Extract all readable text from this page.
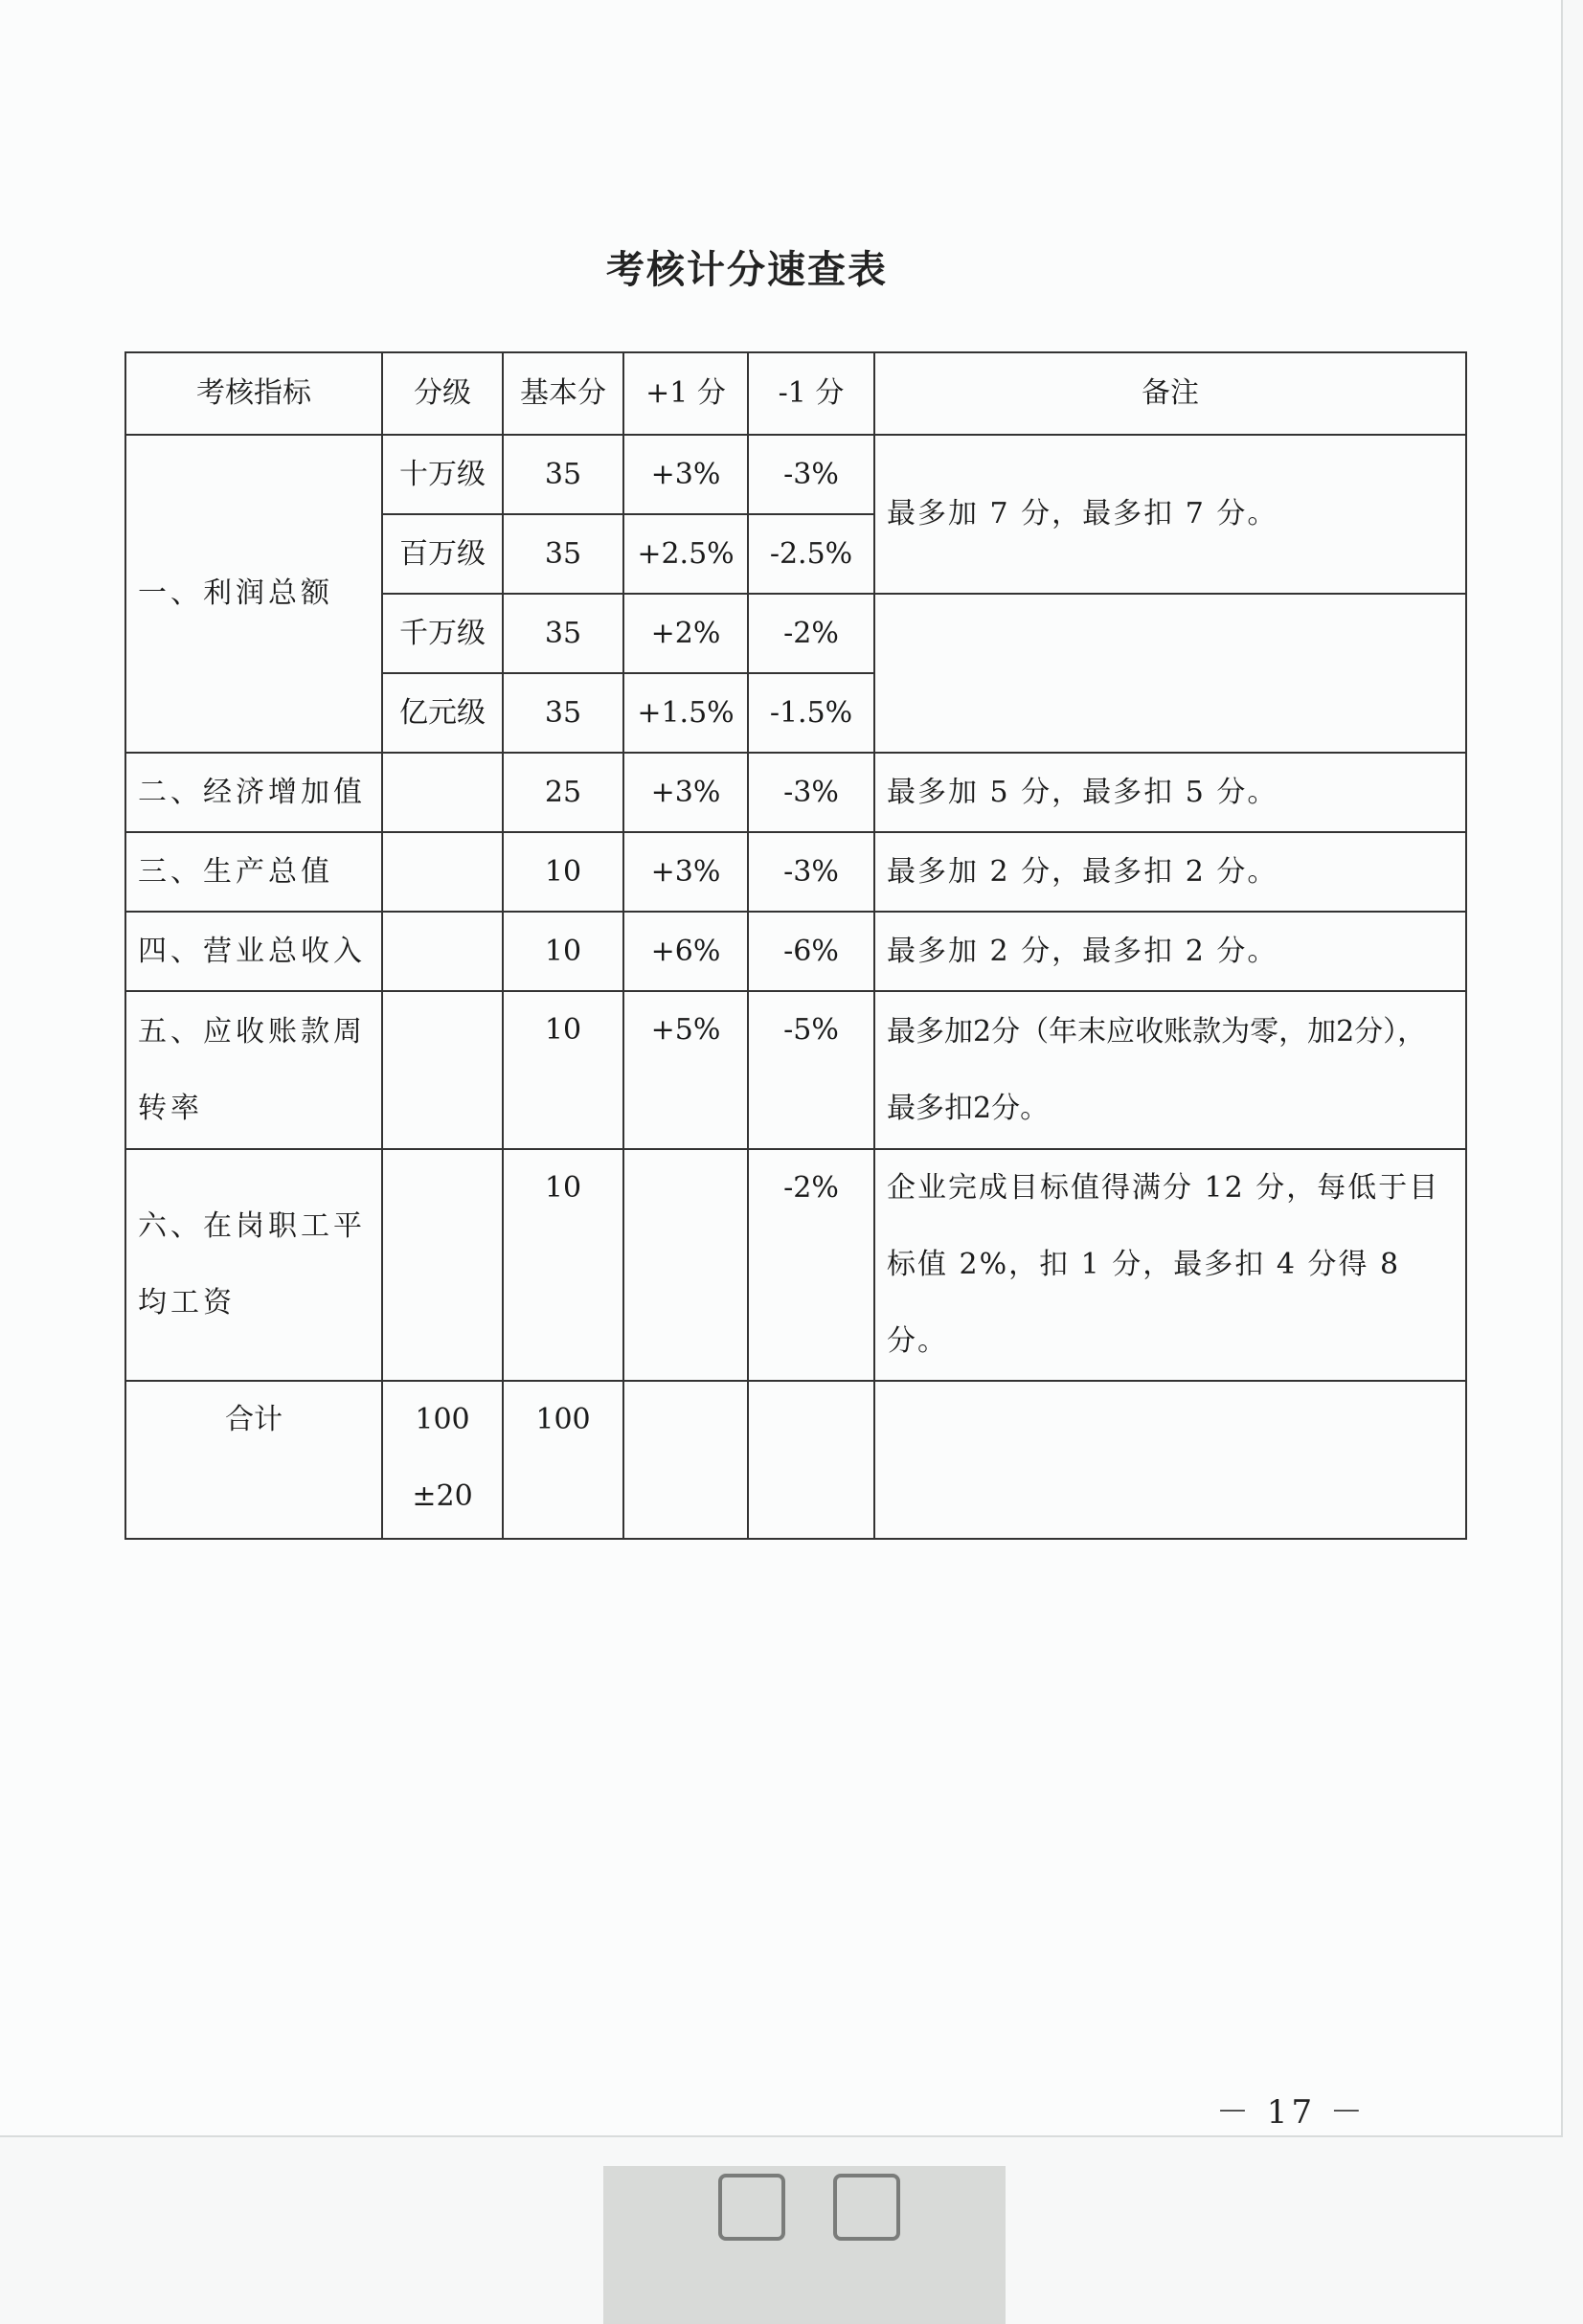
考核计分速查表
考核指标	分级	基本分	+1 分	-1 分	备注
一、利润总额	十万级	35	+3%	-3%	最多加 7 分，最多扣 7 分。
	百万级	35	+2.5%	-2.5%	
	千万级	35	+2%	-2%	
	亿元级	35	+1.5%	-1.5%	
二、经济增加值		25	+3%	-3%	最多加 5 分，最多扣 5 分。
三、生产总值		10	+3%	-3%	最多加 2 分，最多扣 2 分。
四、营业总收入		10	+6%	-6%	最多加 2 分，最多扣 2 分。
五、应收账款周转率		10	+5%	-5%	最多加2分（年末应收账款为零，加2分），最多扣2分。
六、在岗职工平均工资		10		-2%	企业完成目标值得满分 12 分，每低于目标值 2%，扣 1 分，最多扣 4 分得 8 分。
合计	100±20	100			
－ 17 －
